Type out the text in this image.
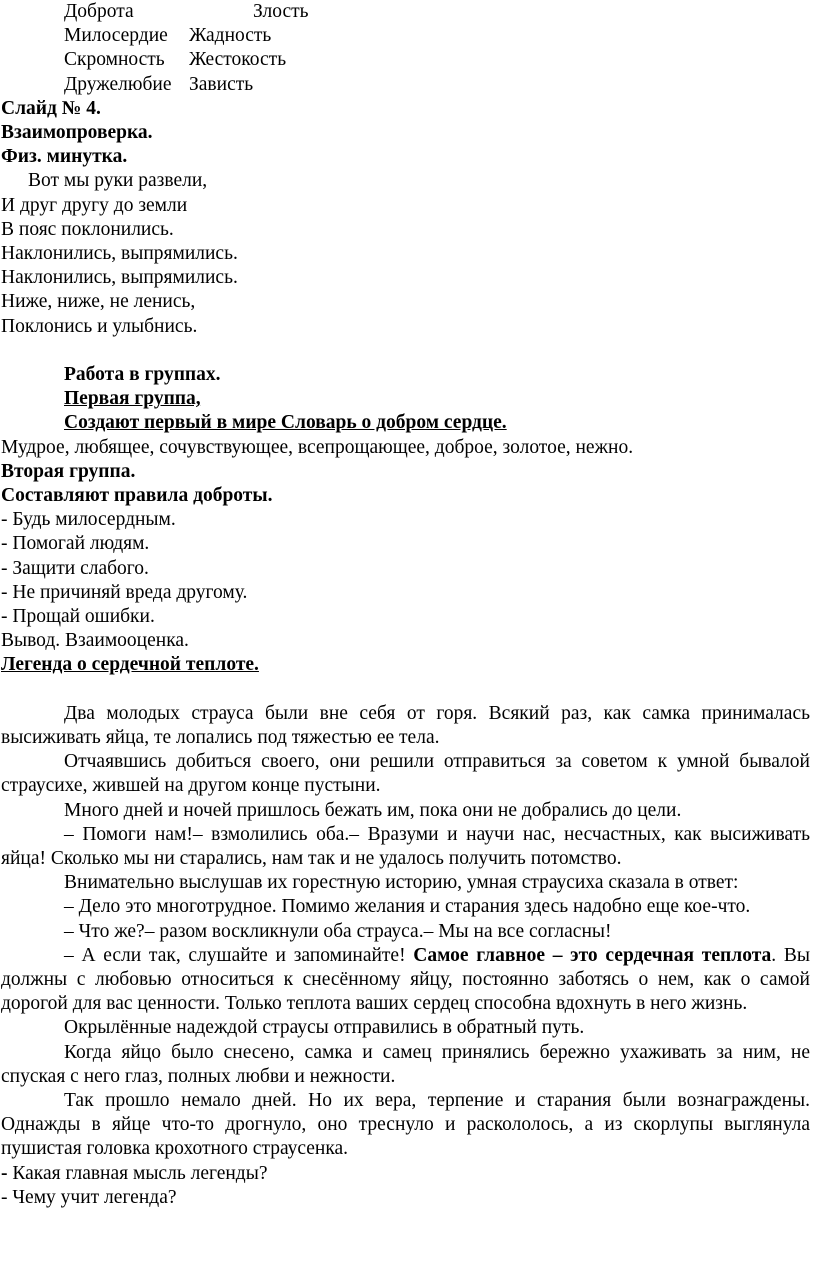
Доброта	Злость
Милосердие	Жадность
Скромность	Жестокость
Дружелюбие Зависть

Слайд № 4.

Взаимопроверка.

Физ. минутка.

Вот мы руки развели,

И друг другу до земли

В пояс поклонились.

Наклонились, выпрямились.

Наклонились, выпрямились.

Ниже, ниже, не ленись,

Поклонись и улыбнись.

Работа в группах.

Первая группа,

Создают первый в мире Словарь о добром сердце.

Мудрое, любящее, сочувствующее, всепрощающее, доброе, золотое, нежно.

Вторая группа.

Составляют правила доброты.

- Будь милосердным.

- Помогай людям.

- Защити слабого.

- Не причиняй вреда другому.

- Прощай ошибки.

Вывод. Взаимооценка.

Легенда о сердечной теплоте.

Два молодых страуса были вне себя от горя. Всякий раз, как самка принималась высиживать яйца, те лопались под тяжестью ее тела.

Отчаявшись добиться своего, они решили отправиться за советом к умной бывалой страусихе, жившей на другом конце пустыни.

Много дней и ночей пришлось бежать им, пока они не добрались до цели.

– Помоги нам!– взмолились оба.– Вразуми и научи нас, несчастных, как высиживать яйца! Сколько мы ни старались, нам так и не удалось получить потомство.

Внимательно выслушав их горестную историю, умная страусиха сказала в ответ:

– Дело это многотрудное. Помимо желания и старания здесь надобно еще кое-что.

– Что же?– разом воскликнули оба страуса.– Мы на все согласны!

– А если так, слушайте и запоминайте! Самое главное – это сердечная теплота. Вы должны с любовью относиться к снесённому яйцу, постоянно заботясь о нем, как о самой дорогой для вас ценности. Только теплота ваших сердец способна вдохнуть в него жизнь.

Окрылённые надеждой страусы отправились в обратный путь.

Когда яйцо было снесено, самка и самец принялись бережно ухаживать за ним, не спуская с него глаз, полных любви и нежности.

Так прошло немало дней. Но их вера, терпение и старания были вознаграждены. Однажды в яйце что-то дрогнуло, оно треснуло и раскололось, а из скорлупы выглянула пушистая головка крохотного страусенка.

- Какая главная мысль легенды?

- Чему учит легенда?
